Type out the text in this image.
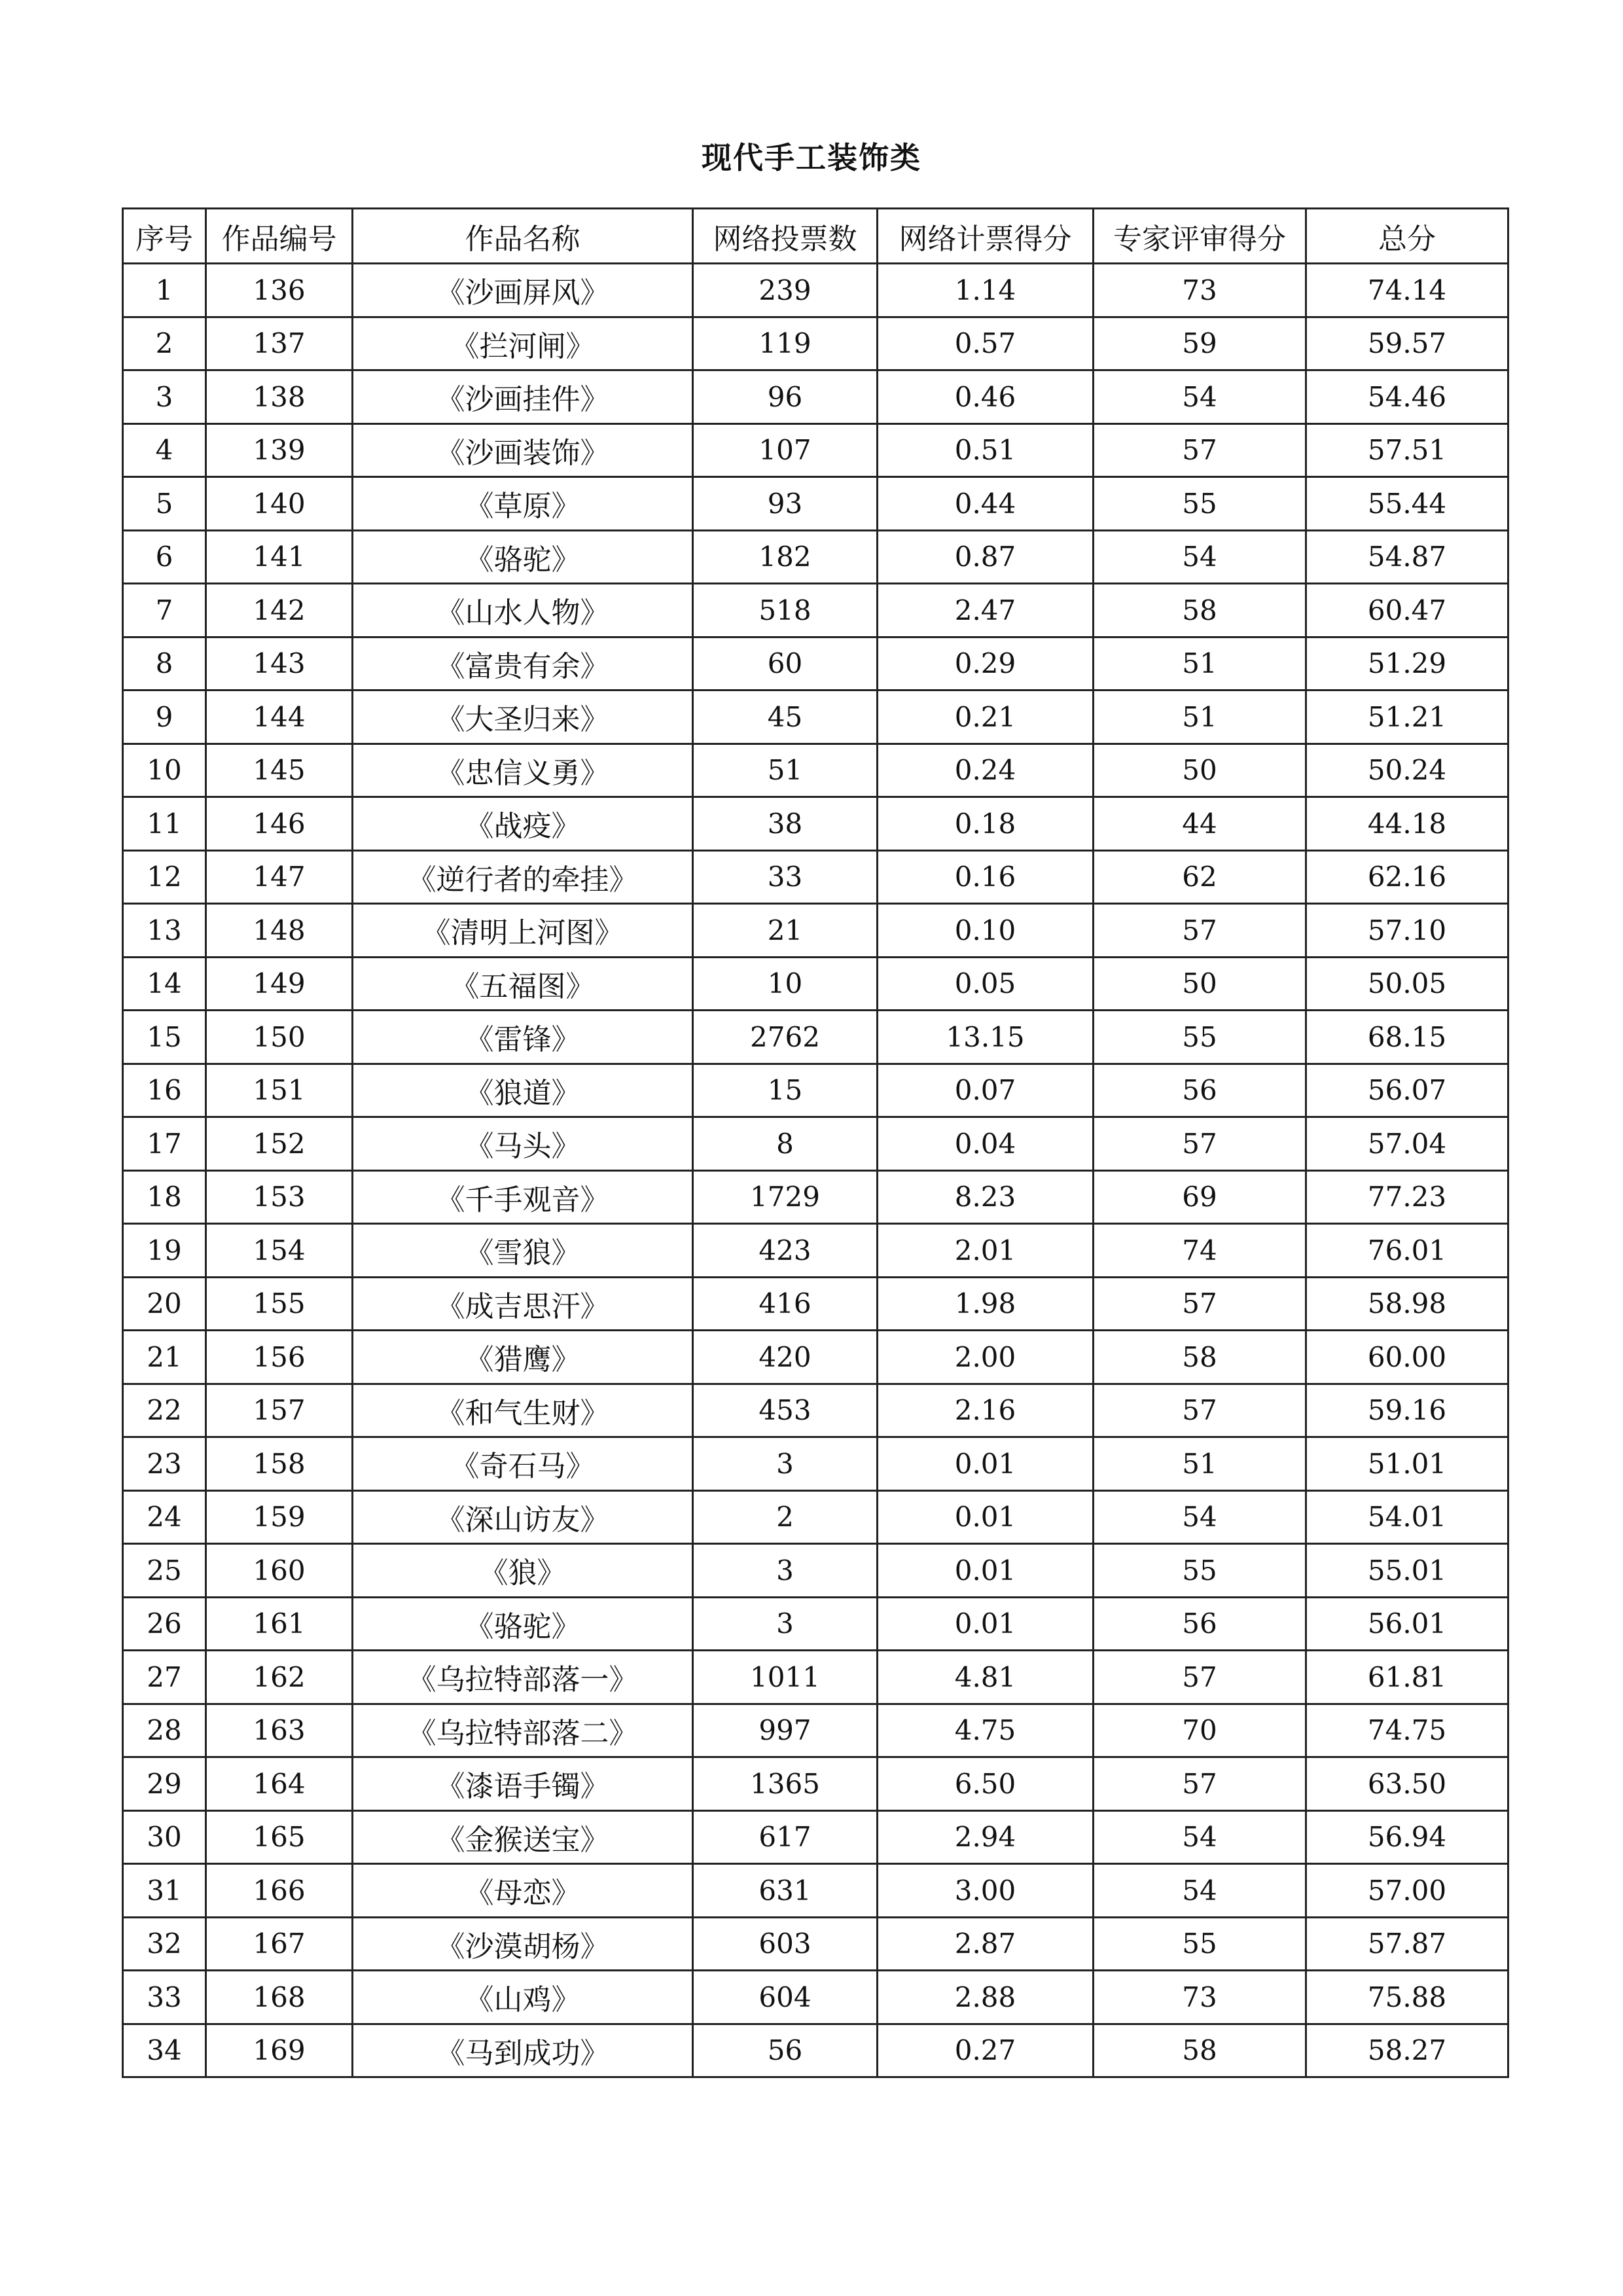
现代手工装饰类
序号	作品编号	作品名称	网络投票数	网络计票得分	专家评审得分	总分
1	136	《沙画屏风》	239	1.14	73	74.14
2	137	《拦河闸》	119	0.57	59	59.57
3	138	《沙画挂件》	96	0.46	54	54.46
4	139	《沙画装饰》	107	0.51	57	57.51
5	140	《草原》	93	0.44	55	55.44
6	141	《骆驼》	182	0.87	54	54.87
7	142	《山水人物》	518	2.47	58	60.47
8	143	《富贵有余》	60	0.29	51	51.29
9	144	《大圣归来》	45	0.21	51	51.21
10	145	《忠信义勇》	51	0.24	50	50.24
11	146	《战疫》	38	0.18	44	44.18
12	147	《逆行者的牵挂》	33	0.16	62	62.16
13	148	《清明上河图》	21	0.10	57	57.10
14	149	《五福图》	10	0.05	50	50.05
15	150	《雷锋》	2762	13.15	55	68.15
16	151	《狼道》	15	0.07	56	56.07
17	152	《马头》	8	0.04	57	57.04
18	153	《千手观音》	1729	8.23	69	77.23
19	154	《雪狼》	423	2.01	74	76.01
20	155	《成吉思汗》	416	1.98	57	58.98
21	156	《猎鹰》	420	2.00	58	60.00
22	157	《和气生财》	453	2.16	57	59.16
23	158	《奇石马》	3	0.01	51	51.01
24	159	《深山访友》	2	0.01	54	54.01
25	160	《狼》	3	0.01	55	55.01
26	161	《骆驼》	3	0.01	56	56.01
27	162	《乌拉特部落一》	1011	4.81	57	61.81
28	163	《乌拉特部落二》	997	4.75	70	74.75
29	164	《漆语手镯》	1365	6.50	57	63.50
30	165	《金猴送宝》	617	2.94	54	56.94
31	166	《母恋》	631	3.00	54	57.00
32	167	《沙漠胡杨》	603	2.87	55	57.87
33	168	《山鸡》	604	2.88	73	75.88
34	169	《马到成功》	56	0.27	58	58.27
